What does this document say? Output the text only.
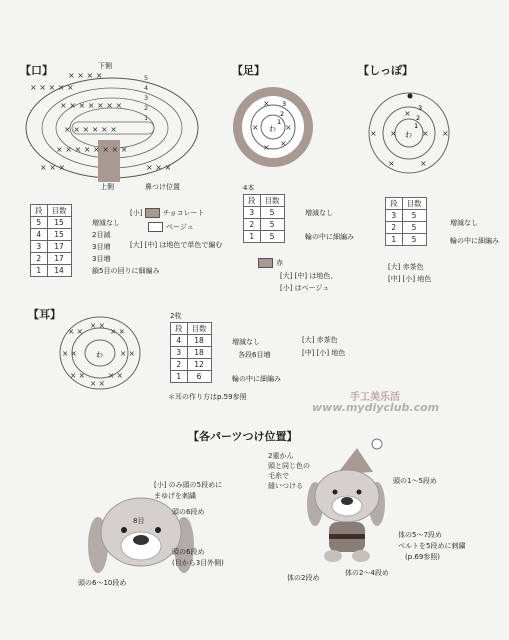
【口】	下側
× × × × ×
× × × ×
× × × × × × ×
× × × × × ×
× × × × × × × ×
× × ×	× × ×
5
4
3
2
1
上側	鼻つけ位置
段	目数
5	15
4	15
3	17
2	17
1	14
増減なし
2目減
3目増
3目増
鎖5目の回りに細編み
[小]	チョコレート
ベージュ
[大] [中] は地色で単色で編む
【足】
×
×	×
× ×
わ
3
2
1
4本
段	目数
3	5
2	5
1	5
増減なし
輪の中に細編み
赤
[大] [中] は地色、
[小] はベージュ
【しっぽ】
×	×
×	×
×
×	×
わ
3
2
1
段	目数
3	5
2	5
1	5
増減なし
輪の中に細編み
[大] 赤茶色
[中] [小] 地色
【耳】
× ×	× ×
× ×	× ×
× ×	× ×
× ×
× ×
わ
2枚
段	目数
4	18
3	18
2	12
1	6
増減なし
各段6目増
輪の中に細編み
＊耳の作り方はp.59参照
[大] 赤茶色
[中] [小] 地色
手工美乐活
www.mydiyclub.com
【各パーツつけ位置】
[小] のみ頭の5段めに
まゆげを刺繍
8目
頭の6段め
頭の6段め
(目から3目外側)
頭の6〜10段め
2重かん
頭と同じ色の
毛糸で
縫いつける
頭の1〜5段め
体の5〜7段め
ベルトを5段めに刺繍
(p.69参照)
体の2段め
体の2〜4段め
